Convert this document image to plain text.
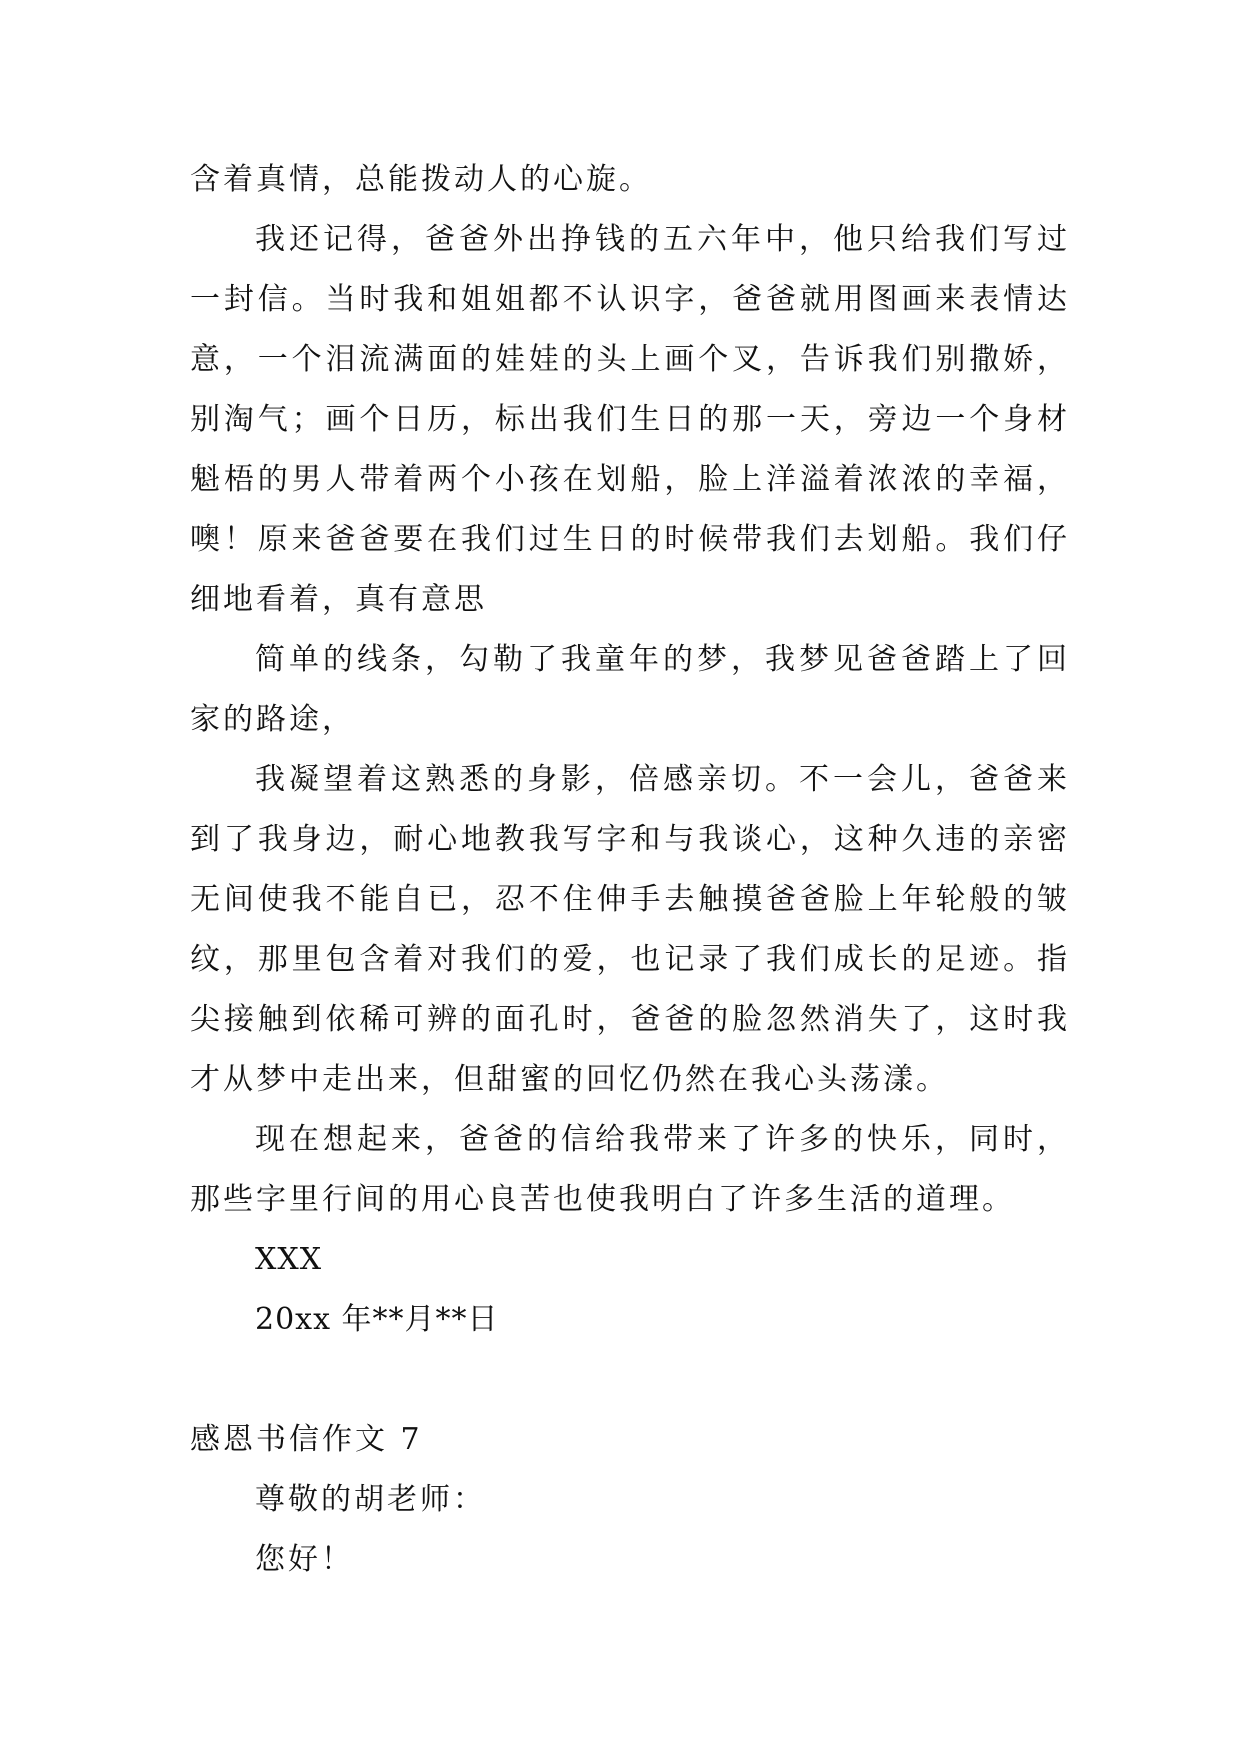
含着真情，总能拨动人的心旋。

我还记得，爸爸外出挣钱的五六年中，他只给我们写过一封信。当时我和姐姐都不认识字，爸爸就用图画来表情达意，一个泪流满面的娃娃的头上画个叉，告诉我们别撒娇，别淘气；画个日历，标出我们生日的那一天，旁边一个身材魁梧的男人带着两个小孩在划船，脸上洋溢着浓浓的幸福，噢！原来爸爸要在我们过生日的时候带我们去划船。我们仔细地看着，真有意思

简单的线条，勾勒了我童年的梦，我梦见爸爸踏上了回家的路途，

我凝望着这熟悉的身影，倍感亲切。不一会儿，爸爸来到了我身边，耐心地教我写字和与我谈心，这种久违的亲密无间使我不能自已，忍不住伸手去触摸爸爸脸上年轮般的皱纹，那里包含着对我们的爱，也记录了我们成长的足迹。指尖接触到依稀可辨的面孔时，爸爸的脸忽然消失了，这时我才从梦中走出来，但甜蜜的回忆仍然在我心头荡漾。

现在想起来，爸爸的信给我带来了许多的快乐，同时，那些字里行间的用心良苦也使我明白了许多生活的道理。

XXX

20xx 年**月**日

感恩书信作文 7

尊敬的胡老师：

您好！
